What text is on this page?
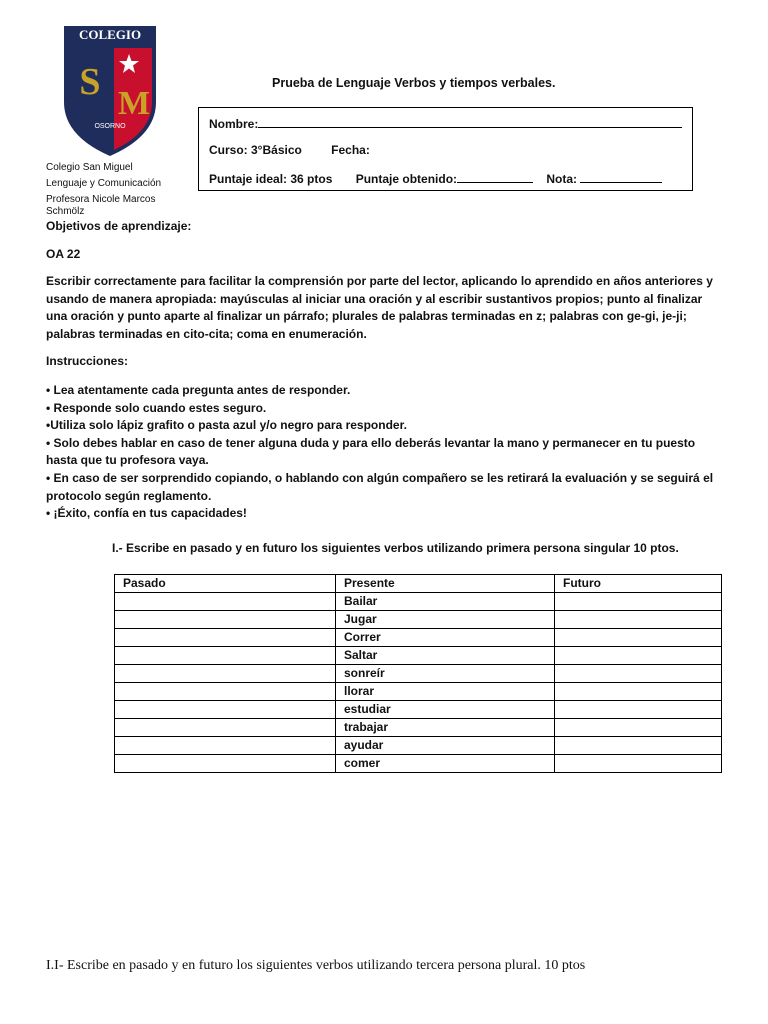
COLEGIO
S
M
OSORNO
Colegio San Miguel
Lenguaje y Comunicación
Profesora Nicole Marcos
Schmölz
Prueba de Lenguaje Verbos y tiempos verbales.
Nombre:
Curso: 3°Básico Fecha:
Puntaje ideal: 36 ptos Puntaje obtenido:	Nota:
Objetivos de aprendizaje:
OA 22
Escribir correctamente para facilitar la comprensión por parte del lector, aplicando lo aprendido en años anteriores y usando de manera apropiada: mayúsculas al iniciar una oración y al escribir sustantivos propios; punto al finalizar una oración y punto aparte al finalizar un párrafo; plurales de palabras terminadas en z; palabras con ge-gi, je-ji; palabras terminadas en cito-cita; coma en enumeración.
Instrucciones:

• Lea atentamente cada pregunta antes de responder.

• Responde solo cuando estes seguro.

•Utiliza solo lápiz grafito o pasta azul y/o negro para responder.

• Solo debes hablar en caso de tener alguna duda y para ello deberás levantar la mano y permanecer en tu puesto hasta que tu profesora vaya.

• En caso de ser sorprendido copiando, o hablando con algún compañero se les retirará la evaluación y se seguirá el protocolo según reglamento.

• ¡Éxito, confía en tus capacidades!

I.- Escribe en pasado y en futuro los siguientes verbos utilizando primera persona singular 10 ptos.
Pasado	Presente	Futuro
	Bailar	
	Jugar	
	Correr	
	Saltar	
	sonreír	
	llorar	
	estudiar	
	trabajar	
	ayudar	
	comer	
I.I- Escribe en pasado y en futuro los siguientes verbos utilizando tercera persona plural. 10 ptos
